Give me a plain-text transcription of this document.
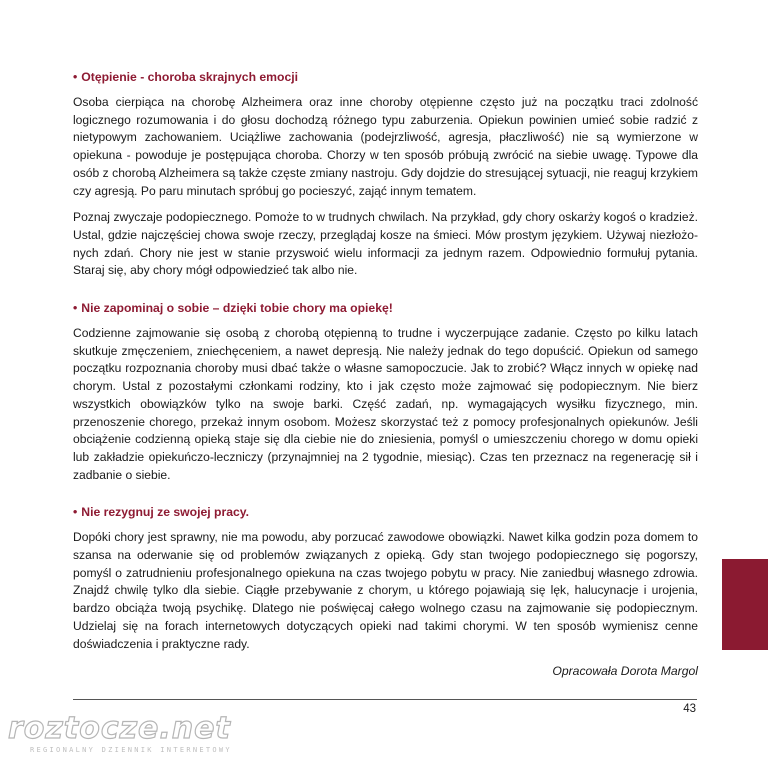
• Otępienie - choroba skrajnych emocji

Osoba cierpiąca na chorobę Alzheimera oraz inne choroby otępienne często już na początku traci zdolność logicznego rozumowania i do głosu dochodzą różnego typu zaburzenia. Opiekun powinien umieć sobie radzić z nietypowym zachowaniem. Uciążliwe zachowania (podejrzliwość, agresja, płaczliwość) nie są wymierzone w opiekuna - powoduje je postępująca choroba. Chorzy w ten sposób próbują zwrócić na siebie uwagę. Typowe dla osób z chorobą Alzheimera są także częste zmiany nastroju. Gdy dojdzie do stresującej sytuacji, nie reaguj krzykiem czy agresją. Po paru minutach spróbuj go pocieszyć, zająć innym tematem.

Poznaj zwyczaje podopiecznego. Pomoże to w trudnych chwilach. Na przykład, gdy chory oskarży kogoś o kradzież. Ustal, gdzie najczęściej chowa swoje rzeczy, przeglądaj kosze na śmieci. Mów prostym językiem. Używaj niezłożonych zdań. Chory nie jest w stanie przyswoić wielu informacji za jednym razem. Odpowiednio formułuj pytania. Staraj się, aby chory mógł odpowiedzieć tak albo nie.

• Nie zapominaj o sobie – dzięki tobie chory ma opiekę!

Codzienne zajmowanie się osobą z chorobą otępienną to trudne i wyczerpujące zadanie. Często po kilku latach skutkuje zmęczeniem, zniechęceniem, a nawet depresją. Nie należy jednak do tego dopuścić. Opiekun od samego początku rozpoznania choroby musi dbać także o własne samopoczucie. Jak to zrobić? Włącz innych w opiekę nad chorym. Ustal z pozostałymi członkami rodziny, kto i jak często może zajmować się podopiecznym. Nie bierz wszystkich obowiązków tylko na swoje barki. Część zadań, np. wymagających wysiłku fizycznego, min. przenoszenie chorego, przekaż innym osobom. Możesz skorzystać też z pomocy profesjonalnych opiekunów. Jeśli obciążenie codzienną opieką staje się dla ciebie nie do zniesienia, pomyśl o umieszczeniu chorego w domu opieki lub zakładzie opiekuńczo-leczniczy (przynajmniej na 2 tygodnie, miesiąc). Czas ten przeznacz na regenerację sił i zadbanie o siebie.

• Nie rezygnuj ze swojej pracy.

Dopóki chory jest sprawny, nie ma powodu, aby porzucać zawodowe obowiązki. Nawet kilka godzin poza domem to szansa na oderwanie się od problemów związanych z opieką. Gdy stan twojego podopiecznego się pogorszy, pomyśl o zatrudnieniu profesjonalnego opiekuna na czas twojego pobytu w pracy. Nie zaniedbuj własnego zdrowia. Znajdź chwilę tylko dla siebie. Ciągłe przebywanie z chorym, u którego pojawiają się lęk, halucynacje i urojenia, bardzo obciąża twoją psychikę. Dlatego nie poświęcaj całego wolnego czasu na zajmowanie się podopiecznym. Udzielaj się na forach internetowych dotyczących opieki nad takimi chorymi. W ten sposób wymienisz cenne doświadczenia i praktyczne rady.

Opracowała Dorota Margol
43
roztocze.net
REGIONALNY DZIENNIK INTERNETOWY
